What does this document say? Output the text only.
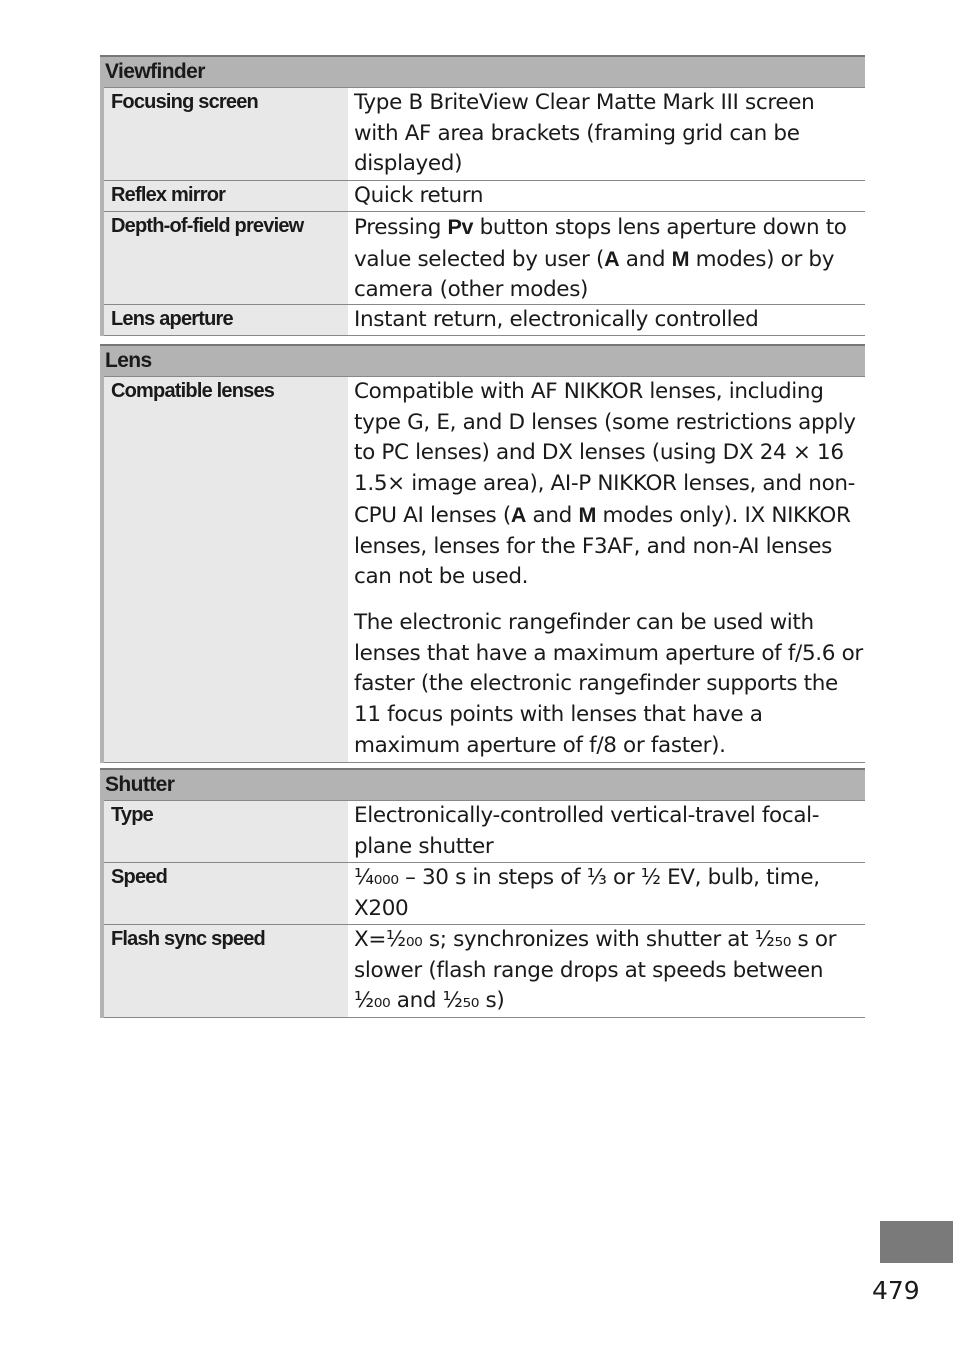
Viewfinder
Focusing screen	Type B BriteView Clear Matte Mark III screen with AF area brackets (framing grid can be displayed)
Reflex mirror	Quick return
Depth-of-field preview	Pressing Pv button stops lens aperture down to value selected by user (A and M modes) or by camera (other modes)
Lens aperture	Instant return, electronically controlled
Lens
Compatible lenses	Compatible with AF NIKKOR lenses, including type G, E, and D lenses (some restrictions apply to PC lenses) and DX lenses (using DX 24 × 16 1.5× image area), AI-P NIKKOR lenses, and non-CPU AI lenses (A and M modes only). IX NIKKOR lenses, lenses for the F3AF, and non-AI lenses can not be used.

The electronic rangefinder can be used with lenses that have a maximum aperture of f/5.6 or faster (the electronic rangefinder supports the 11 focus points with lenses that have a maximum aperture of f/8 or faster).

Shutter
Type	Electronically-controlled vertical-travel focal-plane shutter
Speed	¹⁄₄₀₀₀ – 30 s in steps of ¹⁄₃ or ¹⁄₂ EV, bulb, time, X200
Flash sync speed	X=¹⁄₂₀₀ s; synchronizes with shutter at ¹⁄₂₅₀ s or slower (flash range drops at speeds between ¹⁄₂₀₀ and ¹⁄₂₅₀ s)
479
